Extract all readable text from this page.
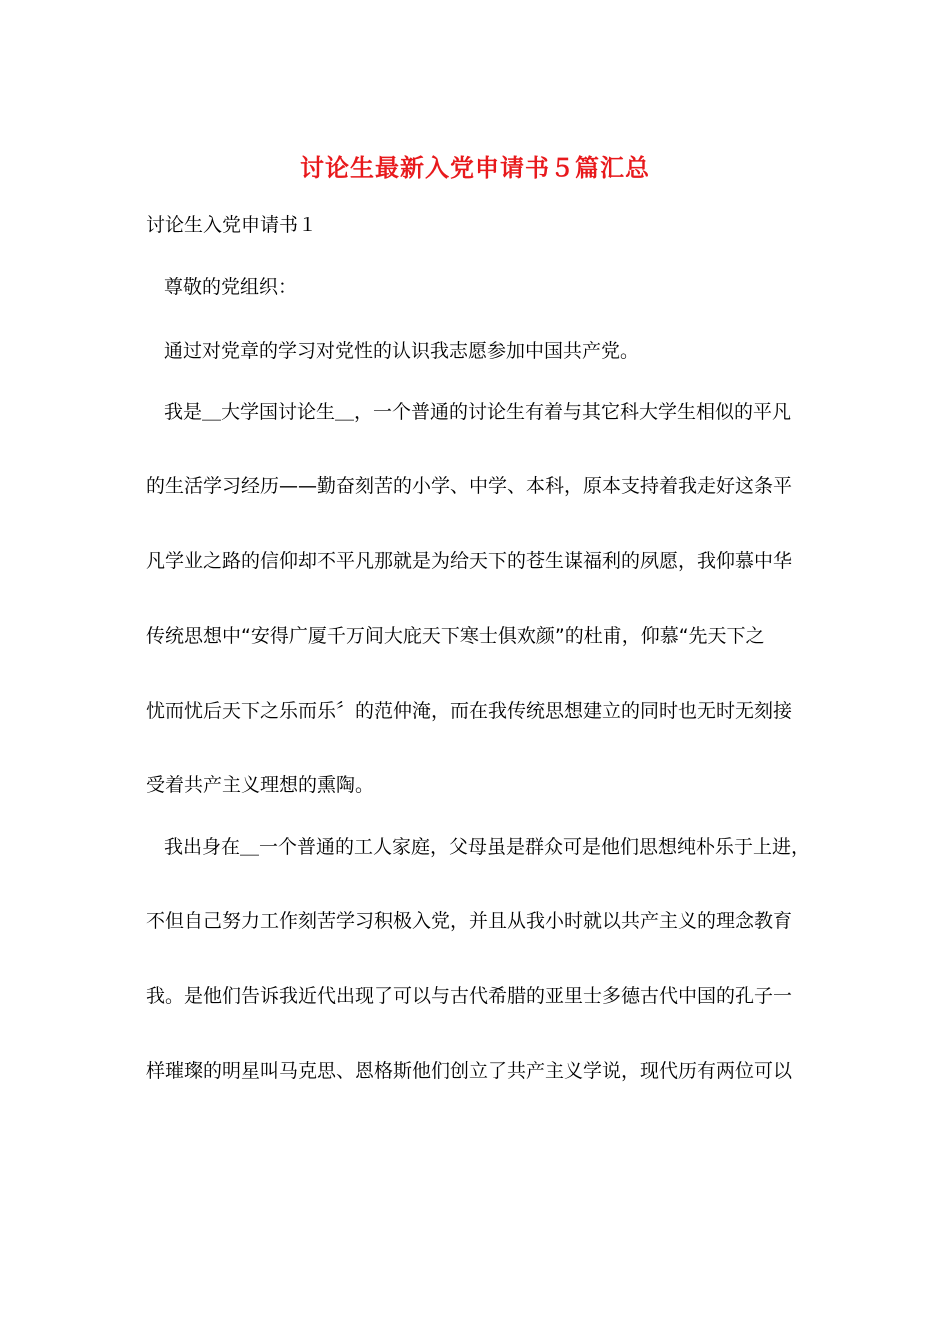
讨论生最新入党申请书５篇汇总
讨论生入党申请书１
尊敬的党组织：
通过对党章的学习对党性的认识我志愿参加中国共产党。
我是＿大学国讨论生＿，一个普通的讨论生有着与其它科大学生相似的平凡
的生活学习经历——勤奋刻苦的小学、中学、本科，原本支持着我走好这条平
凡学业之路的信仰却不平凡那就是为给天下的苍生谋福利的夙愿，我仰慕中华
传统思想中“安得广厦千万间大庇天下寒士俱欢颜”的杜甫，仰慕“先天下之
忧而忧后天下之乐而乐〞的范仲淹，而在我传统思想建立的同时也无时无刻接
受着共产主义理想的熏陶。
我出身在＿一个普通的工人家庭，父母虽是群众可是他们思想纯朴乐于上进，
不但自己努力工作刻苦学习积极入党，并且从我小时就以共产主义的理念教育
我。是他们告诉我近代出现了可以与古代希腊的亚里士多德古代中国的孔子一
样璀璨的明星叫马克思、恩格斯他们创立了共产主义学说，现代历有两位可以
